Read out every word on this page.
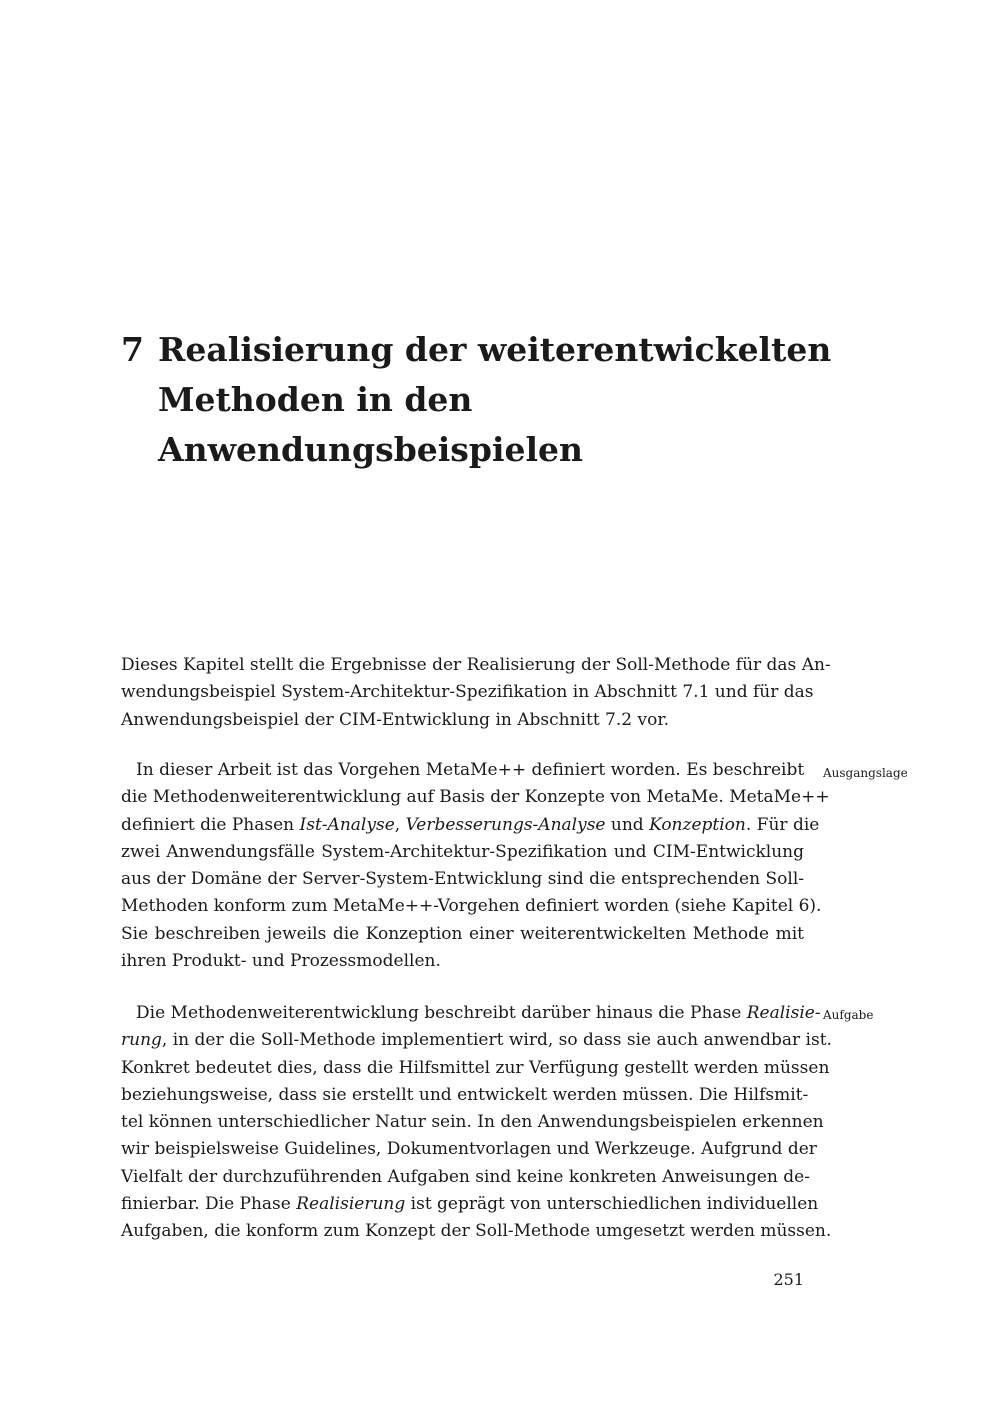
7 Realisierung der weiterentwickelten
Methoden in den
Anwendungsbeispielen
Dieses Kapitel stellt die Ergebnisse der Realisierung der Soll-Methode für das An-
wendungsbeispiel System-Architektur-Spezifikation in Abschnitt 7.1 und für das
Anwendungsbeispiel der CIM-Entwicklung in Abschnitt 7.2 vor.
In dieser Arbeit ist das Vorgehen MetaMe++ definiert worden. Es beschreibt
die Methodenweiterentwicklung auf Basis der Konzepte von MetaMe. MetaMe++
definiert die Phasen Ist-Analyse, Verbesserungs-Analyse und Konzeption. Für die
zwei Anwendungsfälle System-Architektur-Spezifikation und CIM-Entwicklung
aus der Domäne der Server-System-Entwicklung sind die entsprechenden Soll-
Methoden konform zum MetaMe++-Vorgehen definiert worden (siehe Kapitel 6).
Sie beschreiben jeweils die Konzeption einer weiterentwickelten Methode mit
ihren Produkt- und Prozessmodellen.
Ausgangslage
Die Methodenweiterentwicklung beschreibt darüber hinaus die Phase Realisie-
rung, in der die Soll-Methode implementiert wird, so dass sie auch anwendbar ist.
Konkret bedeutet dies, dass die Hilfsmittel zur Verfügung gestellt werden müssen
beziehungsweise, dass sie erstellt und entwickelt werden müssen. Die Hilfsmit-
tel können unterschiedlicher Natur sein. In den Anwendungsbeispielen erkennen
wir beispielsweise Guidelines, Dokumentvorlagen und Werkzeuge. Aufgrund der
Vielfalt der durchzuführenden Aufgaben sind keine konkreten Anweisungen de-
finierbar. Die Phase Realisierung ist geprägt von unterschiedlichen individuellen
Aufgaben, die konform zum Konzept der Soll-Methode umgesetzt werden müssen.
Aufgabe
251
